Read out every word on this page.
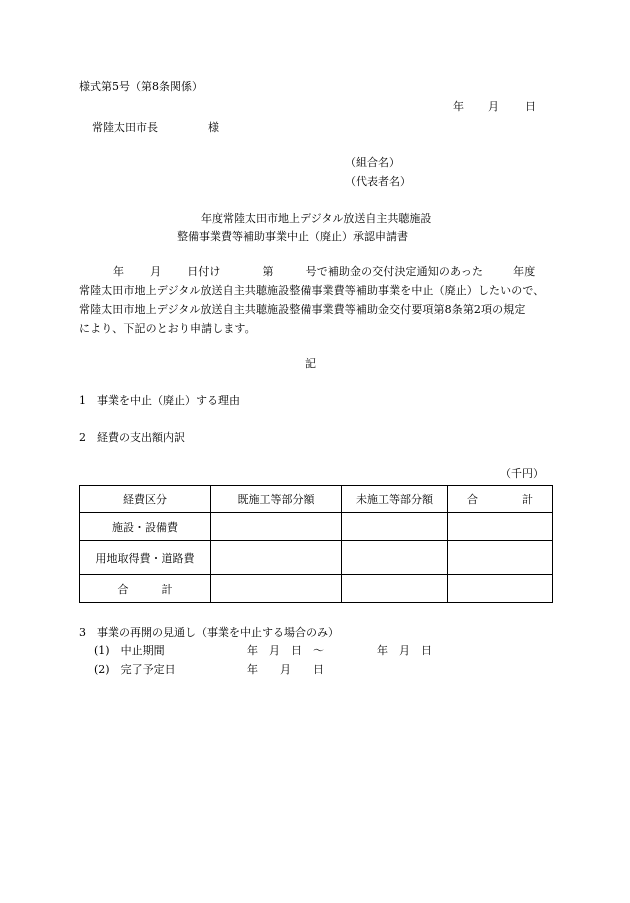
様式第5号（第8条関係）
年 月 日
常陸太田市長	様
（組合名）
（代表者名）
年度常陸太田市地上デジタル放送自主共聴施設
整備事業費等補助事業中止（廃止）承認申請書
年 月 日付け	第	号で補助金の交付決定通知のあった	年度
常陸太田市地上デジタル放送自主共聴施設整備事業費等補助事業を中止（廃止）したいので、
常陸太田市地上デジタル放送自主共聴施設整備事業費等補助金交付要項第8条第2項の規定
により、下記のとおり申請します。
記
1　事業を中止（廃止）する理由
2　経費の支出額内訳
（千円）
経費区分	既施工等部分額	未施工等部分額	合　　　　計
施設・設備費			
用地取得費・道路費			
合　　　計			
3　事業の再開の見通し（事業を中止する場合のみ）
(1)　中止期間	年　月　日　～	年　月　日
(2)　完了予定日	年　　月　　日
